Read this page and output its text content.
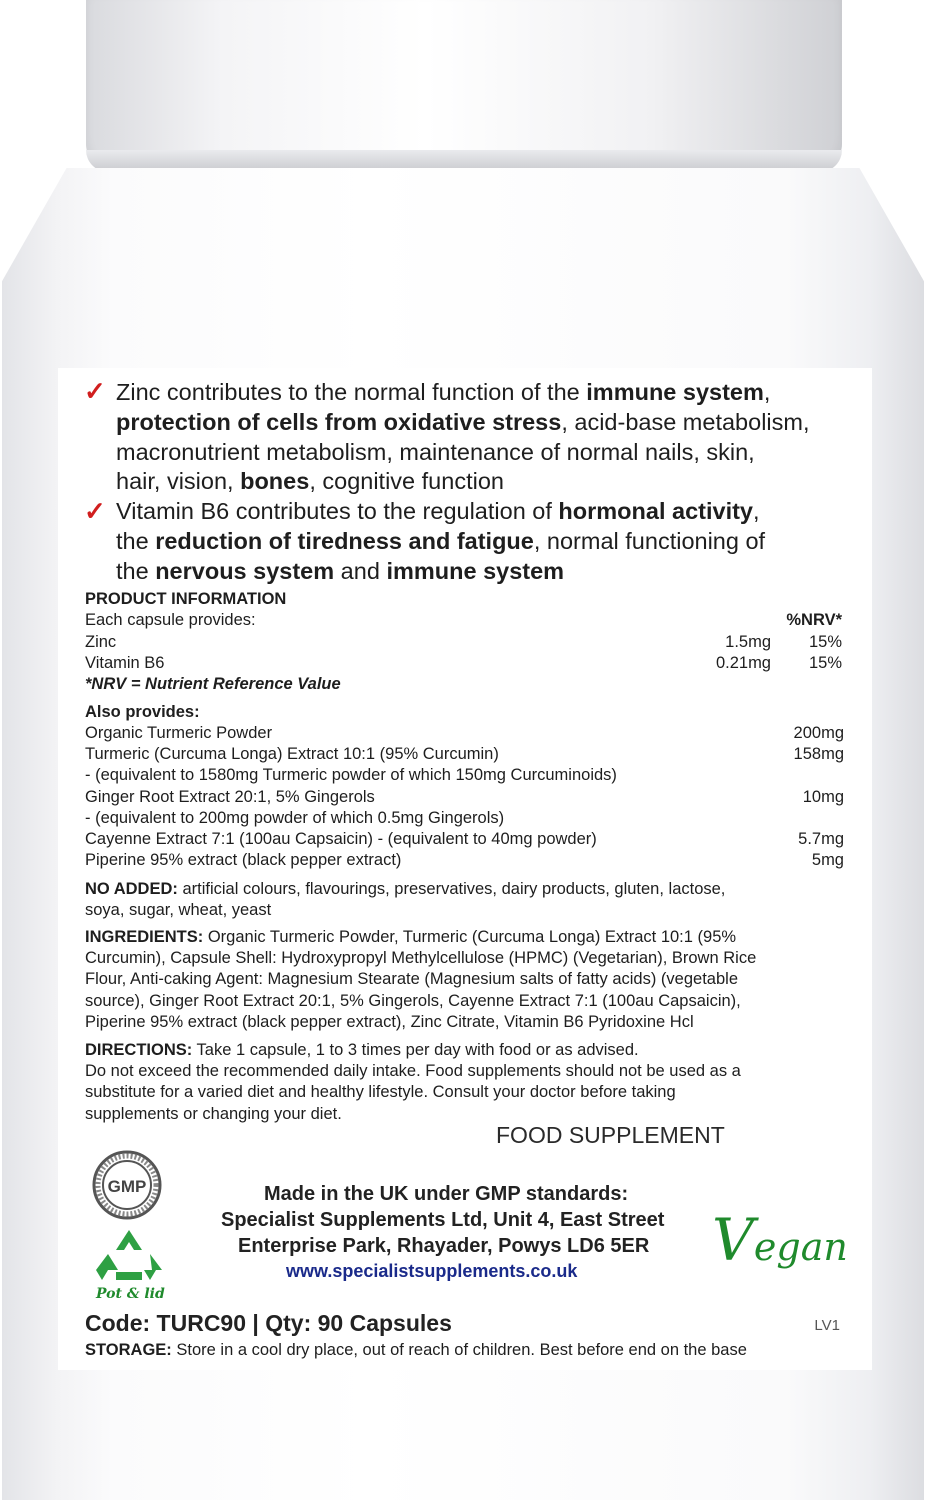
✓ Zinc contributes to the normal function of the immune system,
protection of cells from oxidative stress, acid-base metabolism,
macronutrient metabolism, maintenance of normal nails, skin,
hair, vision, bones, cognitive function
✓ Vitamin B6 contributes to the regulation of hormonal activity,
the reduction of tiredness and fatigue, normal functioning of
the nervous system and immune system
PRODUCT INFORMATION
Each capsule provides:	%NRV*
Zinc	1.5mg 15%
Vitamin B6	0.21mg 15%
*NRV = Nutrient Reference Value
Also provides:
Organic Turmeric Powder	200mg
Turmeric (Curcuma Longa) Extract 10:1 (95% Curcumin)	158mg
- (equivalent to 1580mg Turmeric powder of which 150mg Curcuminoids)
Ginger Root Extract 20:1, 5% Gingerols	10mg
- (equivalent to 200mg powder of which 0.5mg Gingerols)
Cayenne Extract 7:1 (100au Capsaicin) - (equivalent to 40mg powder)	5.7mg
Piperine 95% extract (black pepper extract)	5mg
NO ADDED: artificial colours, flavourings, preservatives, dairy products, gluten, lactose,
soya, sugar, wheat, yeast
INGREDIENTS: Organic Turmeric Powder, Turmeric (Curcuma Longa) Extract 10:1 (95%
Curcumin), Capsule Shell: Hydroxypropyl Methylcellulose (HPMC) (Vegetarian), Brown Rice
Flour, Anti-caking Agent: Magnesium Stearate (Magnesium salts of fatty acids) (vegetable
source), Ginger Root Extract 20:1, 5% Gingerols, Cayenne Extract 7:1 (100au Capsaicin),
Piperine 95% extract (black pepper extract), Zinc Citrate, Vitamin B6 Pyridoxine Hcl
DIRECTIONS: Take 1 capsule, 1 to 3 times per day with food or as advised.
Do not exceed the recommended daily intake. Food supplements should not be used as a
substitute for a varied diet and healthy lifestyle. Consult your doctor before taking
supplements or changing your diet.
FOOD SUPPLEMENT
GMP
Pot & lid
Made in the UK under GMP standards:
Specialist Supplements Ltd, Unit 4, East Street
Enterprise Park, Rhayader, Powys LD6 5ER
www.specialistsupplements.co.uk Vegan
Code: TURC90 | Qty: 90 Capsules	LV1
STORAGE: Store in a cool dry place, out of reach of children. Best before end on the base
